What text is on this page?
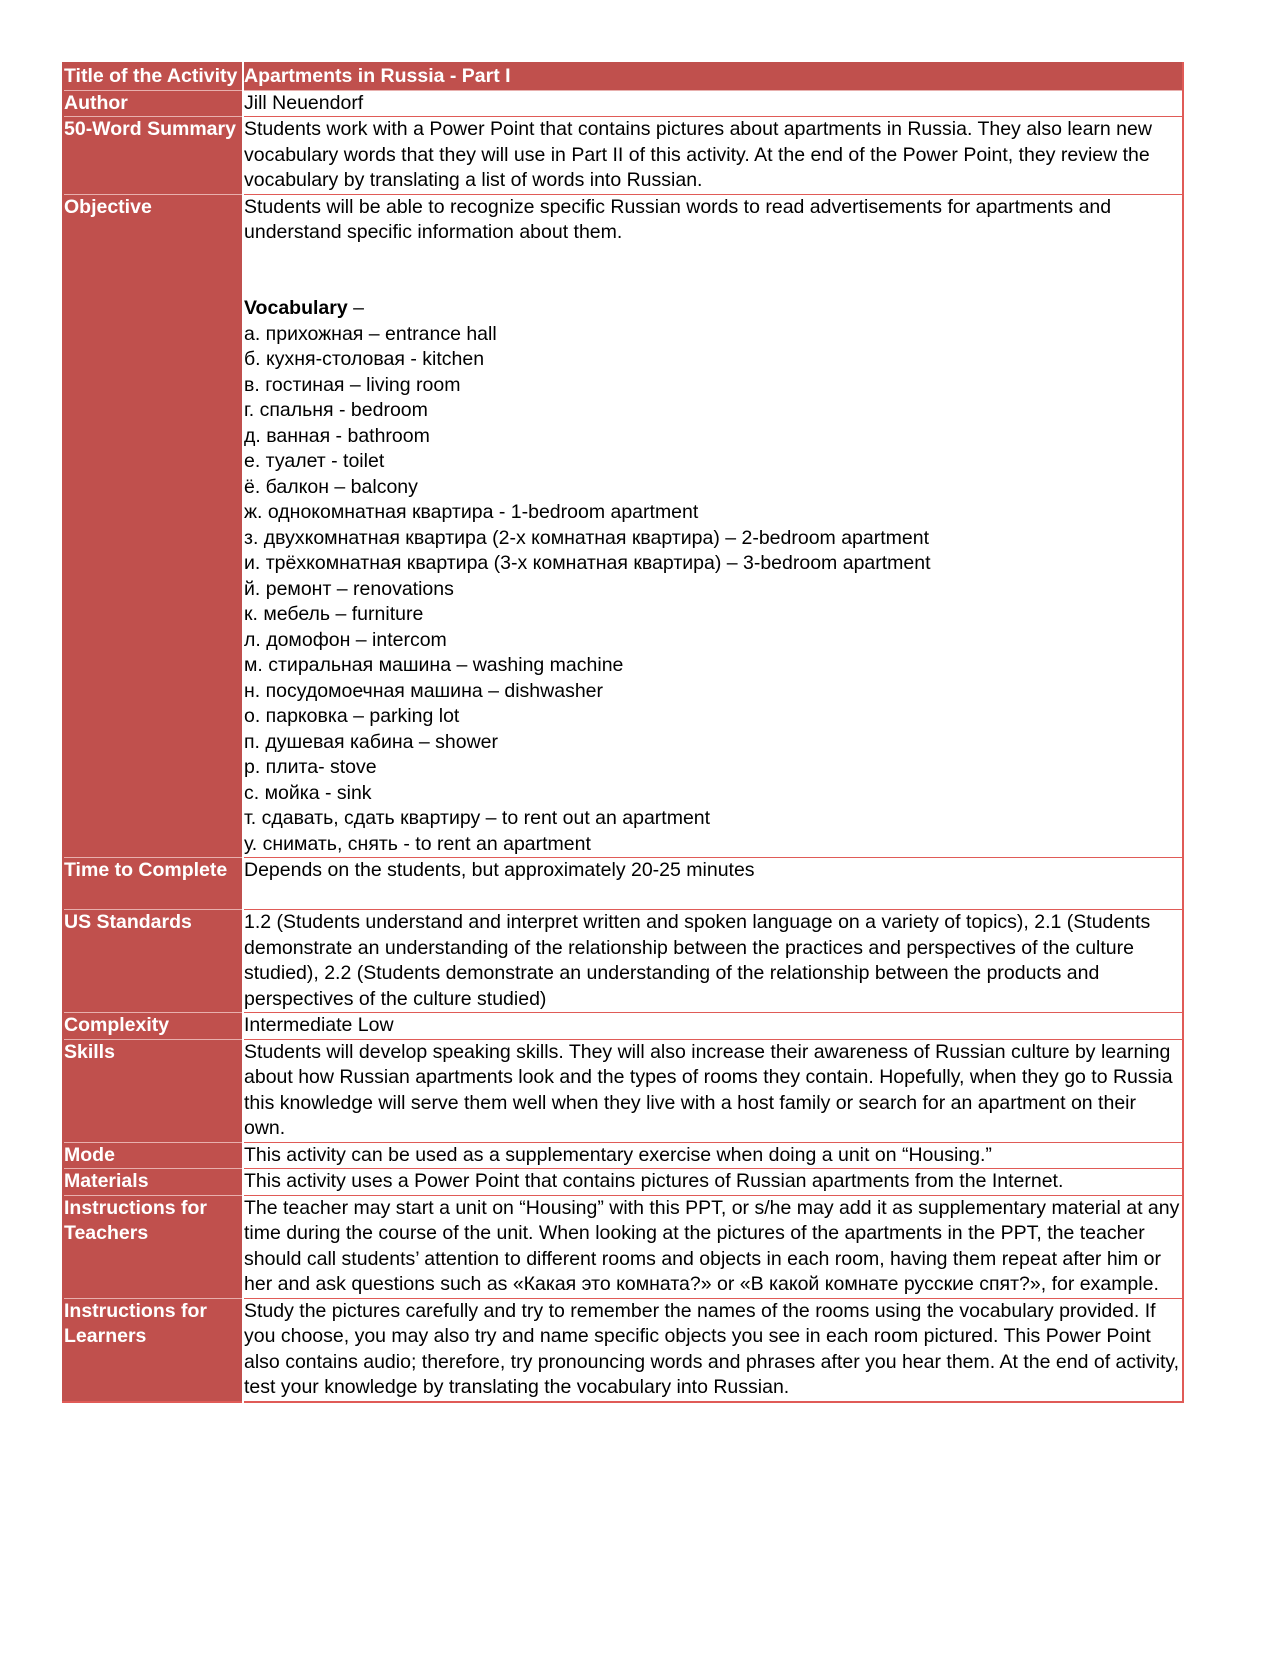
Title of the Activity	Apartments in Russia - Part I
Author	Jill Neuendorf
50-Word Summary	Students work with a Power Point that contains pictures about apartments in Russia. They also learn new vocabulary words that they will use in Part II of this activity. At the end of the Power Point, they review the vocabulary by translating a list of words into Russian.
Objective	Students will be able to recognize specific Russian words to read advertisements for apartments and understand specific information about them.

Vocabulary –
а. прихожная – entrance hall
б. кухня-столовая - kitchen
в. гостиная – living room
г. спальня - bedroom
д. ванная - bathroom
е. туалет - toilet
ё. балкон – balcony
ж. однокомнатная квартира - 1-bedroom apartment
з. двухкомнатная квартира (2-х комнатная квартира) – 2-bedroom apartment
и. трёхкомнатная квартира (3-х комнатная квартира) – 3-bedroom apartment
й. ремонт – renovations
к. мебель – furniture
л. домофон – intercom
м. стиральная машина – washing machine
н. посудомоечная машина – dishwasher
о. парковка – parking lot
п. душевая кабина – shower
р. плита- stove
с. мойка - sink
т. сдавать, сдать квартиру – to rent out an apartment
у. снимать, снять - to rent an apartment

Time to Complete	Depends on the students, but approximately 20-25 minutes

US Standards	1.2 (Students understand and interpret written and spoken language on a variety of topics), 2.1 (Students demonstrate an understanding of the relationship between the practices and perspectives of the culture studied), 2.2 (Students demonstrate an understanding of the relationship between the products and perspectives of the culture studied)
Complexity	Intermediate Low
Skills	Students will develop speaking skills. They will also increase their awareness of Russian culture by learning about how Russian apartments look and the types of rooms they contain. Hopefully, when they go to Russia this knowledge will serve them well when they live with a host family or search for an apartment on their own.
Mode	This activity can be used as a supplementary exercise when doing a unit on “Housing.”
Materials	This activity uses a Power Point that contains pictures of Russian apartments from the Internet.
Instructions for Teachers	The teacher may start a unit on “Housing” with this PPT, or s/he may add it as supplementary material at any time during the course of the unit. When looking at the pictures of the apartments in the PPT, the teacher should call students’ attention to different rooms and objects in each room, having them repeat after him or her and ask questions such as «Какая это комната?» or «В какой комнате русские спят?», for example.
Instructions for Learners	Study the pictures carefully and try to remember the names of the rooms using the vocabulary provided. If you choose, you may also try and name specific objects you see in each room pictured. This Power Point also contains audio; therefore, try pronouncing words and phrases after you hear them. At the end of activity, test your knowledge by translating the vocabulary into Russian.
